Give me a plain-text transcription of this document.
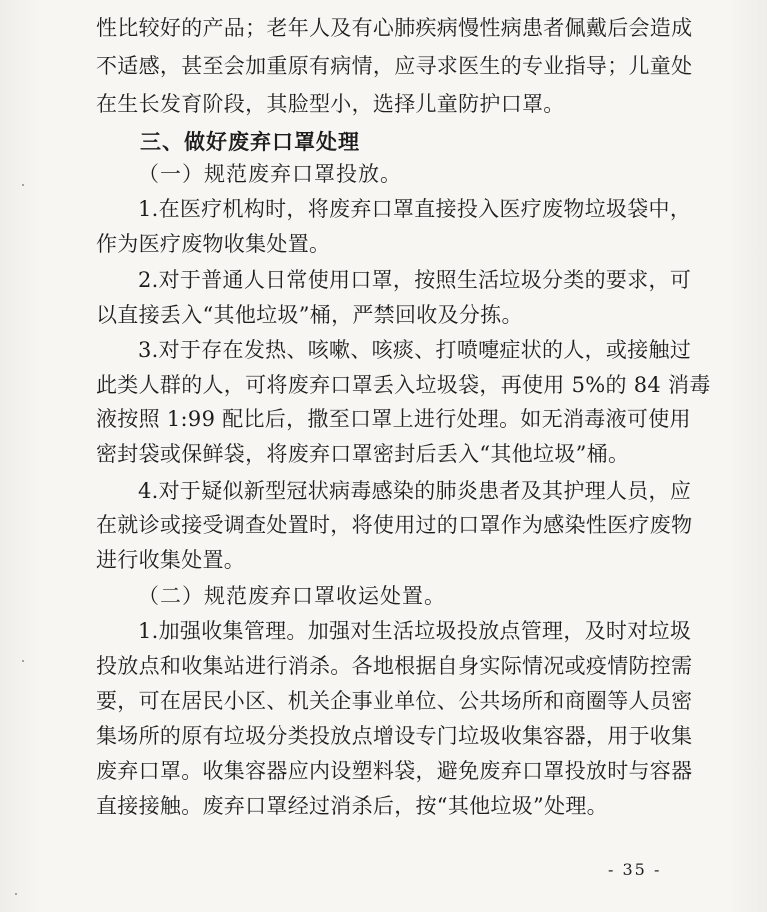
性比较好的产品；老年人及有心肺疾病慢性病患者佩戴后会造成
不适感，甚至会加重原有病情，应寻求医生的专业指导；儿童处
在生长发育阶段，其脸型小，选择儿童防护口罩。
三、做好废弃口罩处理
（一）规范废弃口罩投放。
1.在医疗机构时，将废弃口罩直接投入医疗废物垃圾袋中，
作为医疗废物收集处置。
2.对于普通人日常使用口罩，按照生活垃圾分类的要求，可
以直接丢入“其他垃圾”桶，严禁回收及分拣。
3.对于存在发热、咳嗽、咳痰、打喷嚏症状的人，或接触过
此类人群的人，可将废弃口罩丢入垃圾袋，再使用 5%的 84 消毒
液按照 1:99 配比后，撒至口罩上进行处理。如无消毒液可使用
密封袋或保鲜袋，将废弃口罩密封后丢入“其他垃圾”桶。
4.对于疑似新型冠状病毒感染的肺炎患者及其护理人员，应
在就诊或接受调查处置时，将使用过的口罩作为感染性医疗废物
进行收集处置。
（二）规范废弃口罩收运处置。
1.加强收集管理。加强对生活垃圾投放点管理，及时对垃圾
投放点和收集站进行消杀。各地根据自身实际情况或疫情防控需
要，可在居民小区、机关企事业单位、公共场所和商圈等人员密
集场所的原有垃圾分类投放点增设专门垃圾收集容器，用于收集
废弃口罩。收集容器应内设塑料袋，避免废弃口罩投放时与容器
直接接触。废弃口罩经过消杀后，按“其他垃圾”处理。
- 35 -
